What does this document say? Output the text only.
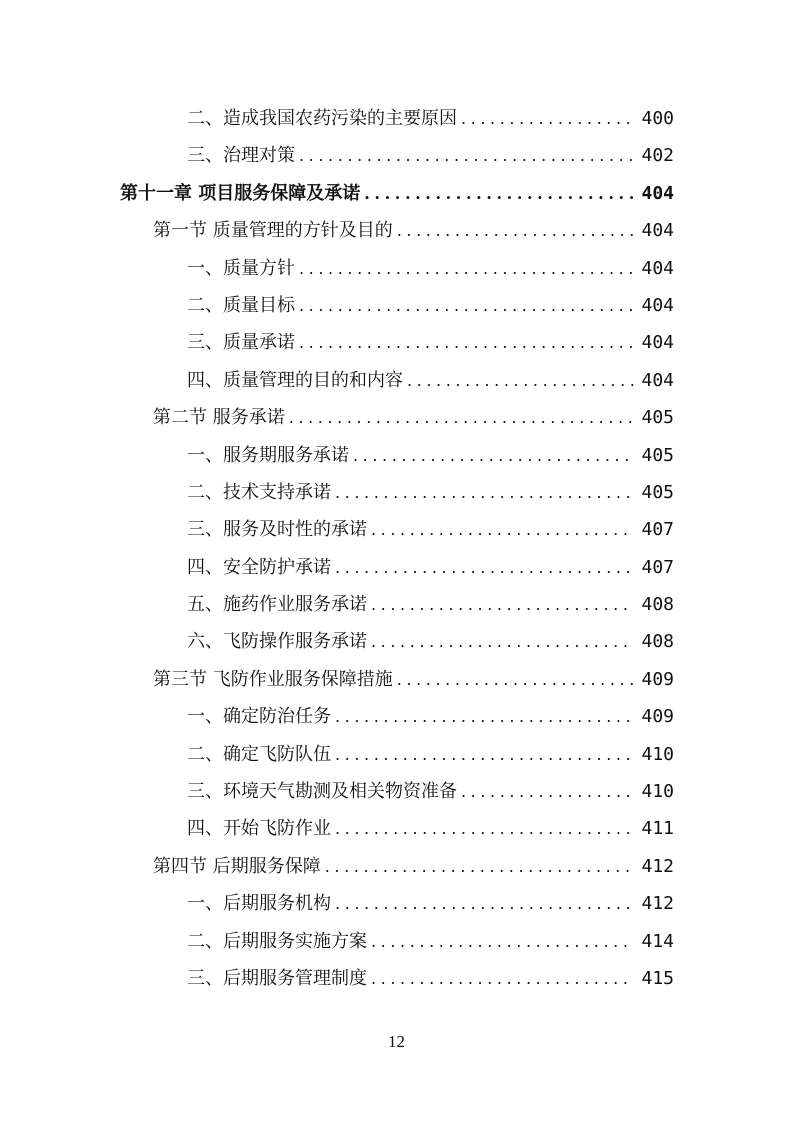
二、造成我国农药污染的主要原因 .....	400
三、治理对策 .....	402
第十一章 项目服务保障及承诺 .....	404
第一节 质量管理的方针及目的 .....	404
一、质量方针 .....	404
二、质量目标 .....	404
三、质量承诺 .....	404
四、质量管理的目的和内容 .....	404
第二节 服务承诺 .....	405
一、服务期服务承诺 .....	405
二、技术支持承诺 .....	405
三、服务及时性的承诺 .....	407
四、安全防护承诺 .....	407
五、施药作业服务承诺 .....	408
六、飞防操作服务承诺 .....	408
第三节 飞防作业服务保障措施 .....	409
一、确定防治任务 .....	409
二、确定飞防队伍 .....	410
三、环境天气勘测及相关物资准备 .....	410
四、开始飞防作业 .....	411
第四节 后期服务保障 .....	412
一、后期服务机构 .....	412
二、后期服务实施方案 .....	414
三、后期服务管理制度 .....	415
12
